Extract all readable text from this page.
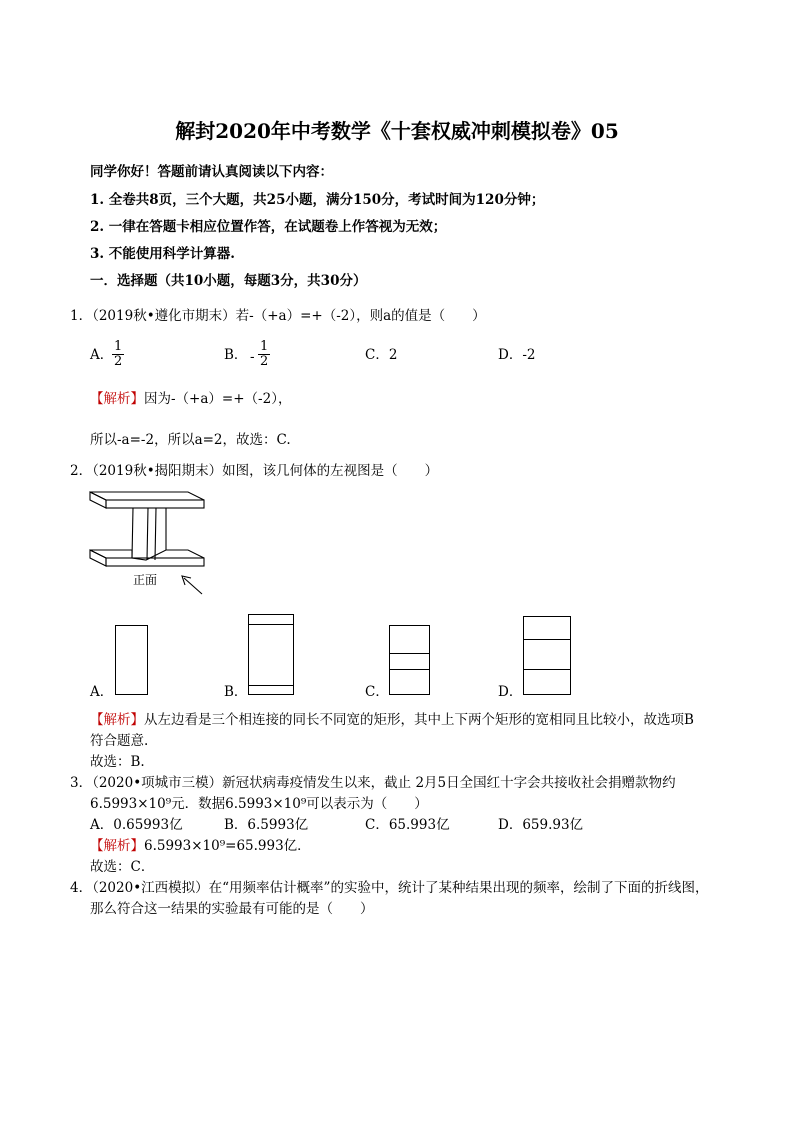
解封2020年中考数学《十套权威冲刺模拟卷》05
同学你好！答题前请认真阅读以下内容：
1. 全卷共8页，三个大题，共25小题，满分150分，考试时间为120分钟；
2. 一律在答题卡相应位置作答，在试题卷上作答视为无效；
3. 不能使用科学计算器.
一．选择题（共10小题，每题3分，共30分）
1．（2019秋•遵化市期末）若-（+a）=+（-2），则a的值是（　　）
A．
$\frac{1}{2}$	B． - $\frac{1}{2}$	C．2	D．-2
【解析】因为-（+a）=+（-2），
所以-a=-2，所以a=2，故选：C.
2．（2019秋•揭阳期末）如图，该几何体的左视图是（　　）
正面
A．	B．	C．	D．
【解析】从左边看是三个相连接的同长不同宽的矩形，其中上下两个矩形的宽相同且比较小，故选项B
符合题意.
故选：B.
3．（2020•项城市三模）新冠状病毒疫情发生以来，截止 2月5日全国红十字会共接收社会捐赠款物约
6.5993×10⁹元．数据6.5993×10⁹可以表示为（　　）
A．0.65993亿	B．6.5993亿	C．65.993亿	D．659.93亿
【解析】6.5993×10⁹=65.993亿．
故选：C．
4．（2020•江西模拟）在“用频率估计概率”的实验中，统计了某种结果出现的频率，绘制了下面的折线图，
那么符合这一结果的实验最有可能的是（　　）
